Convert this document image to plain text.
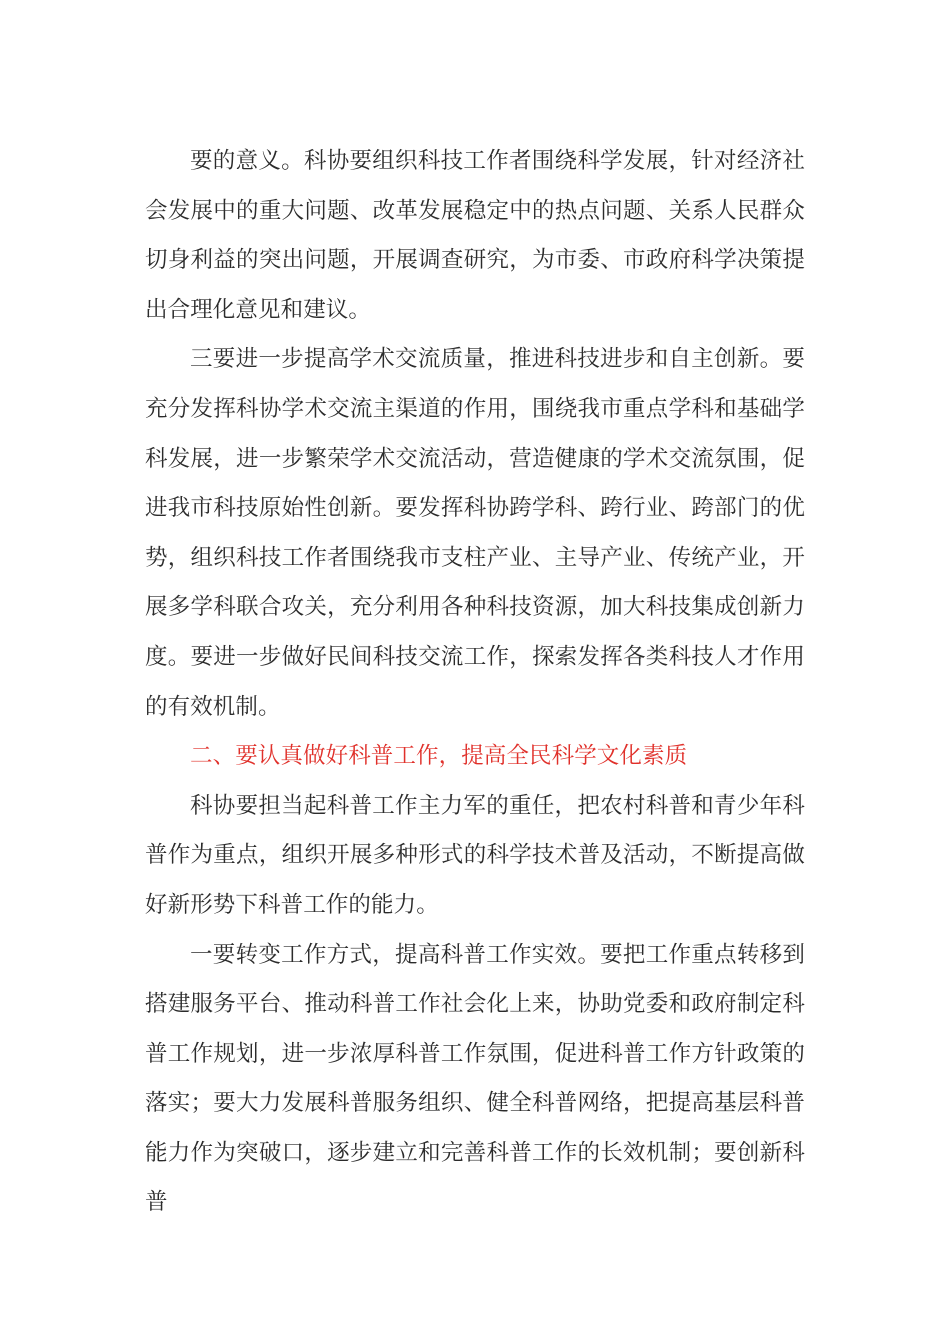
要的意义。科协要组织科技工作者围绕科学发展，针对经济社会发展中的重大问题、改革发展稳定中的热点问题、关系人民群众切身利益的突出问题，开展调查研究，为市委、市政府科学决策提出合理化意见和建议。

三要进一步提高学术交流质量，推进科技进步和自主创新。要充分发挥科协学术交流主渠道的作用，围绕我市重点学科和基础学科发展，进一步繁荣学术交流活动，营造健康的学术交流氛围，促进我市科技原始性创新。要发挥科协跨学科、跨行业、跨部门的优势，组织科技工作者围绕我市支柱产业、主导产业、传统产业，开展多学科联合攻关，充分利用各种科技资源，加大科技集成创新力度。要进一步做好民间科技交流工作，探索发挥各类科技人才作用的有效机制。

二、要认真做好科普工作，提高全民科学文化素质

科协要担当起科普工作主力军的重任，把农村科普和青少年科普作为重点，组织开展多种形式的科学技术普及活动，不断提高做好新形势下科普工作的能力。

一要转变工作方式，提高科普工作实效。要把工作重点转移到搭建服务平台、推动科普工作社会化上来，协助党委和政府制定科普工作规划，进一步浓厚科普工作氛围，促进科普工作方针政策的落实；要大力发展科普服务组织、健全科普网络，把提高基层科普能力作为突破口，逐步建立和完善科普工作的长效机制；要创新科普
